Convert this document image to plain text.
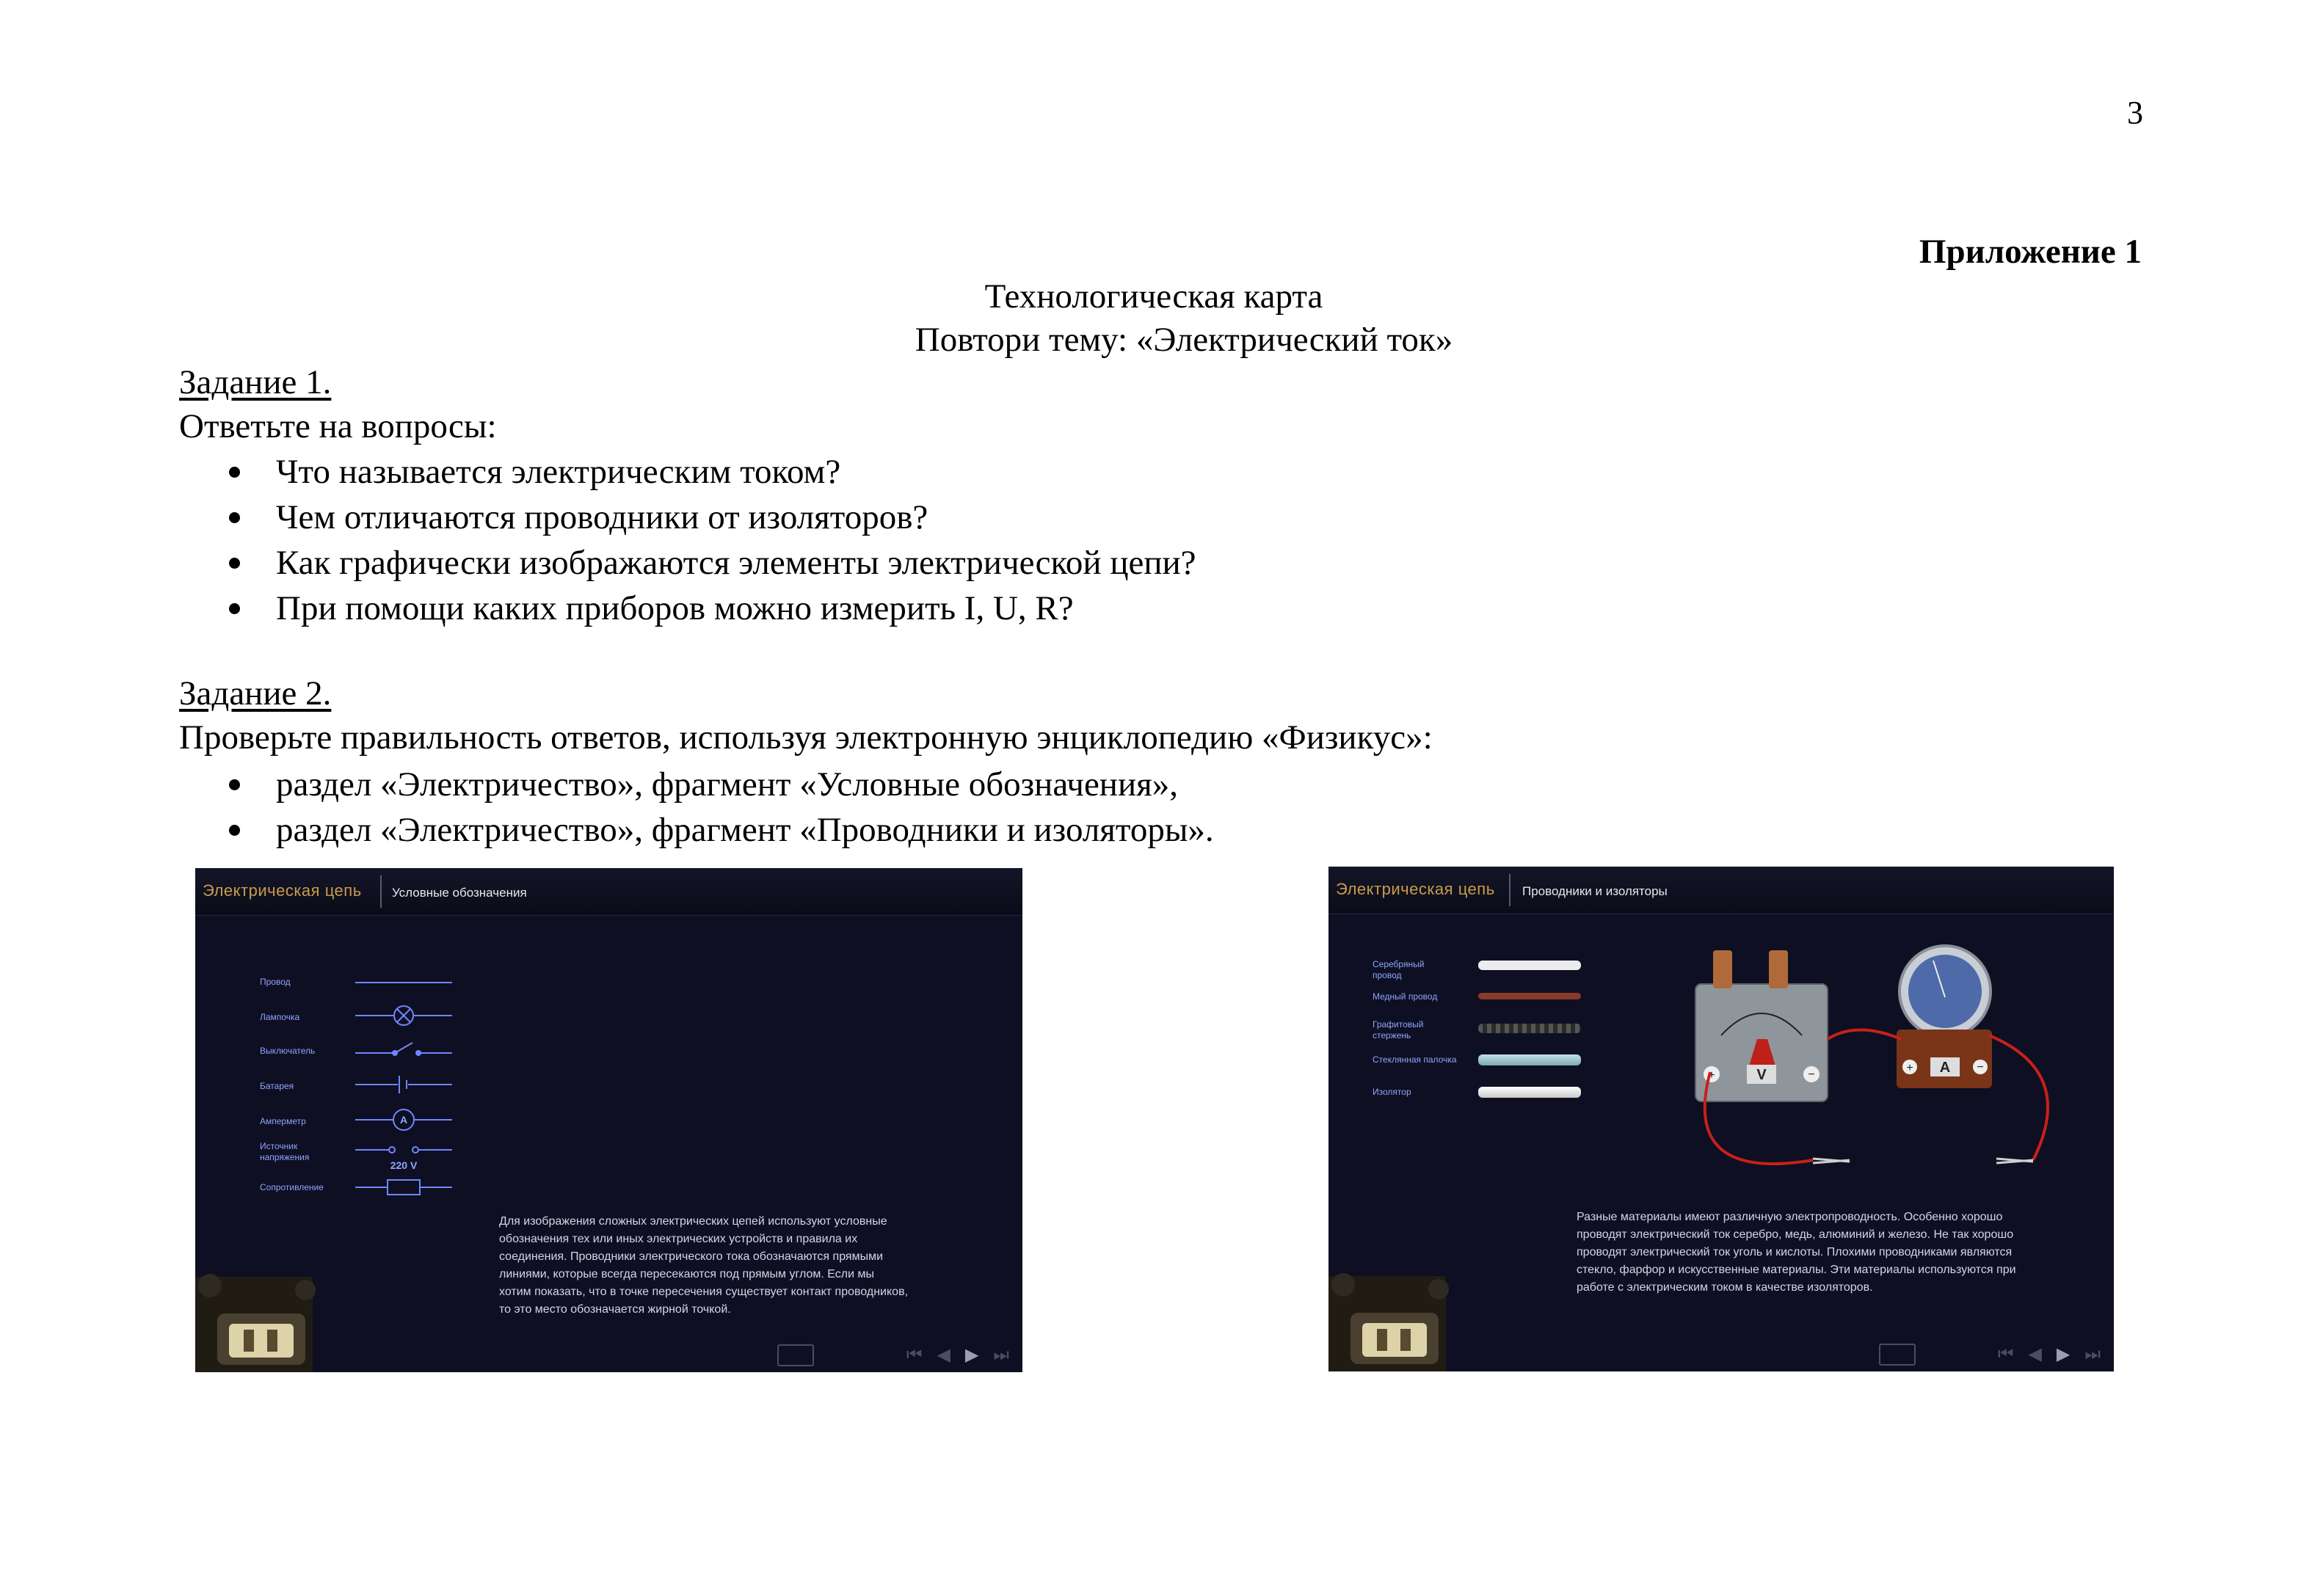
3
Приложение 1
Технологическая карта
Повтори тему: «Электрический ток»
Задание 1.
Ответьте на вопросы:
Что называется электрическим током?
Чем отличаются проводники от изоляторов?
Как графически изображаются элементы электрической цепи?
При помощи каких приборов можно измерить I, U, R?
Задание 2.
Проверьте правильность ответов, используя электронную энциклопедию «Физикус»:
раздел «Электричество», фрагмент «Условные обозначения»,
раздел «Электричество», фрагмент «Проводники и изоляторы».
Электрическая цепь Условные обозначения
Провод
Лампочка
Выключатель
Батарея
Амперметр	A
Источник напряжения
220 V
Сопротивление
Для изображения сложных электрических цепей используют условные
обозначения тех или иных электрических устройств и правила их
соединения. Проводники электрического тока обозначаются прямыми
линиями, которые всегда пересекаются под прямым углом. Если мы
хотим показать, что в точке пересечения существует контакт проводников,
то это место обозначается жирной точкой.
⏮ ◀ ▶ ⏭
Электрическая цепь Проводники и изоляторы
Серебряный
провод
Медный провод
Графитовый
стержень
Стеклянная палочка
Изолятор
V
+	−	A
+	−
Разные материалы имеют различную электропроводность. Особенно хорошо
проводят электрический ток серебро, медь, алюминий и железо. Не так хорошо
проводят электрический ток уголь и кислоты. Плохими проводниками являются
стекло, фарфор и искусственные материалы. Эти материалы используются при
работе с электрическим током в качестве изоляторов.
⏮ ◀ ▶ ⏭
